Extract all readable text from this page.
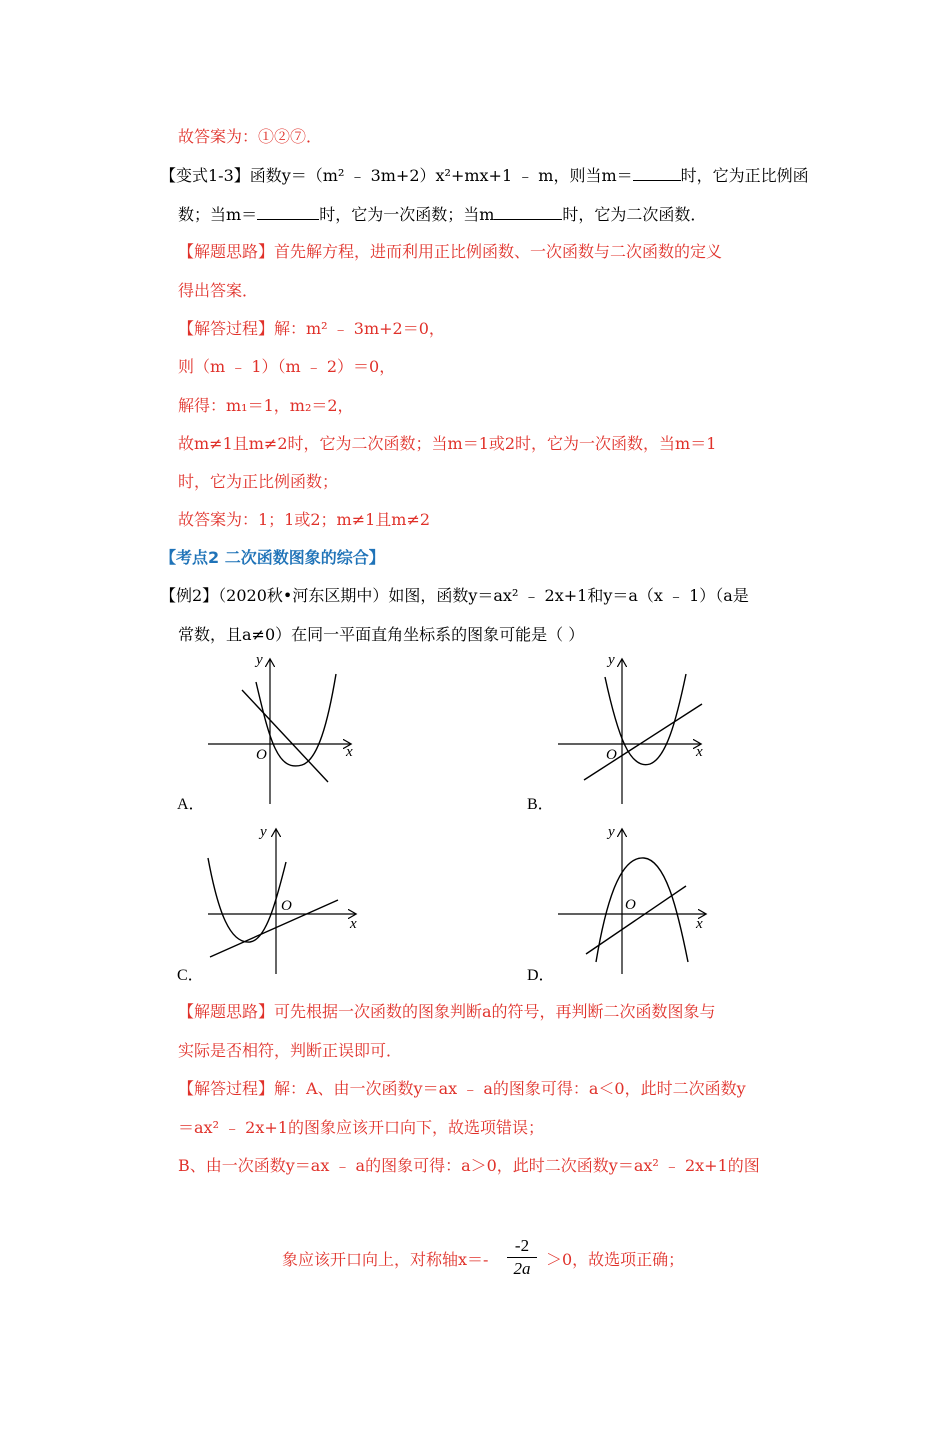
故答案为：①②⑦．
【变式1-3】函数y＝（m² ﹣ 3m+2）x²+mx+1 ﹣ m，则当m＝	时，它为正比例函
数；当m＝	时，它为一次函数；当m	时，它为二次函数．
【解题思路】首先解方程，进而利用正比例函数、一次函数与二次函数的定义
得出答案．
【解答过程】解：m² ﹣ 3m+2＝0，
则（m ﹣ 1）（m ﹣ 2）＝0，
解得：m₁＝1，m₂＝2，
故m≠1且m≠2时，它为二次函数；当m＝1或2时，它为一次函数，当m＝1
时，它为正比例函数；
故答案为：1；1或2；m≠1且m≠2
【考点2 二次函数图象的综合】
【例2】（2020秋•河东区期中）如图，函数y＝ax² ﹣ 2x+1和y＝a（x ﹣ 1）（a是
常数，且a≠0）在同一平面直角坐标系的图象可能是（ ）
y
x
O
A．
y
x
O
B．
y
x
O
C．
y
x
O
D．
【解题思路】可先根据一次函数的图象判断a的符号，再判断二次函数图象与
实际是否相符，判断正误即可．
【解答过程】解：A、由一次函数y＝ax ﹣ a的图象可得：a＜0，此时二次函数y
＝ax² ﹣ 2x+1的图象应该开口向下，故选项错误；
B、由一次函数y＝ax ﹣ a的图象可得：a＞0，此时二次函数y＝ax² ﹣ 2x+1的图
象应该开口向上，对称轴x＝-
-2
2a ＞0，故选项正确；
